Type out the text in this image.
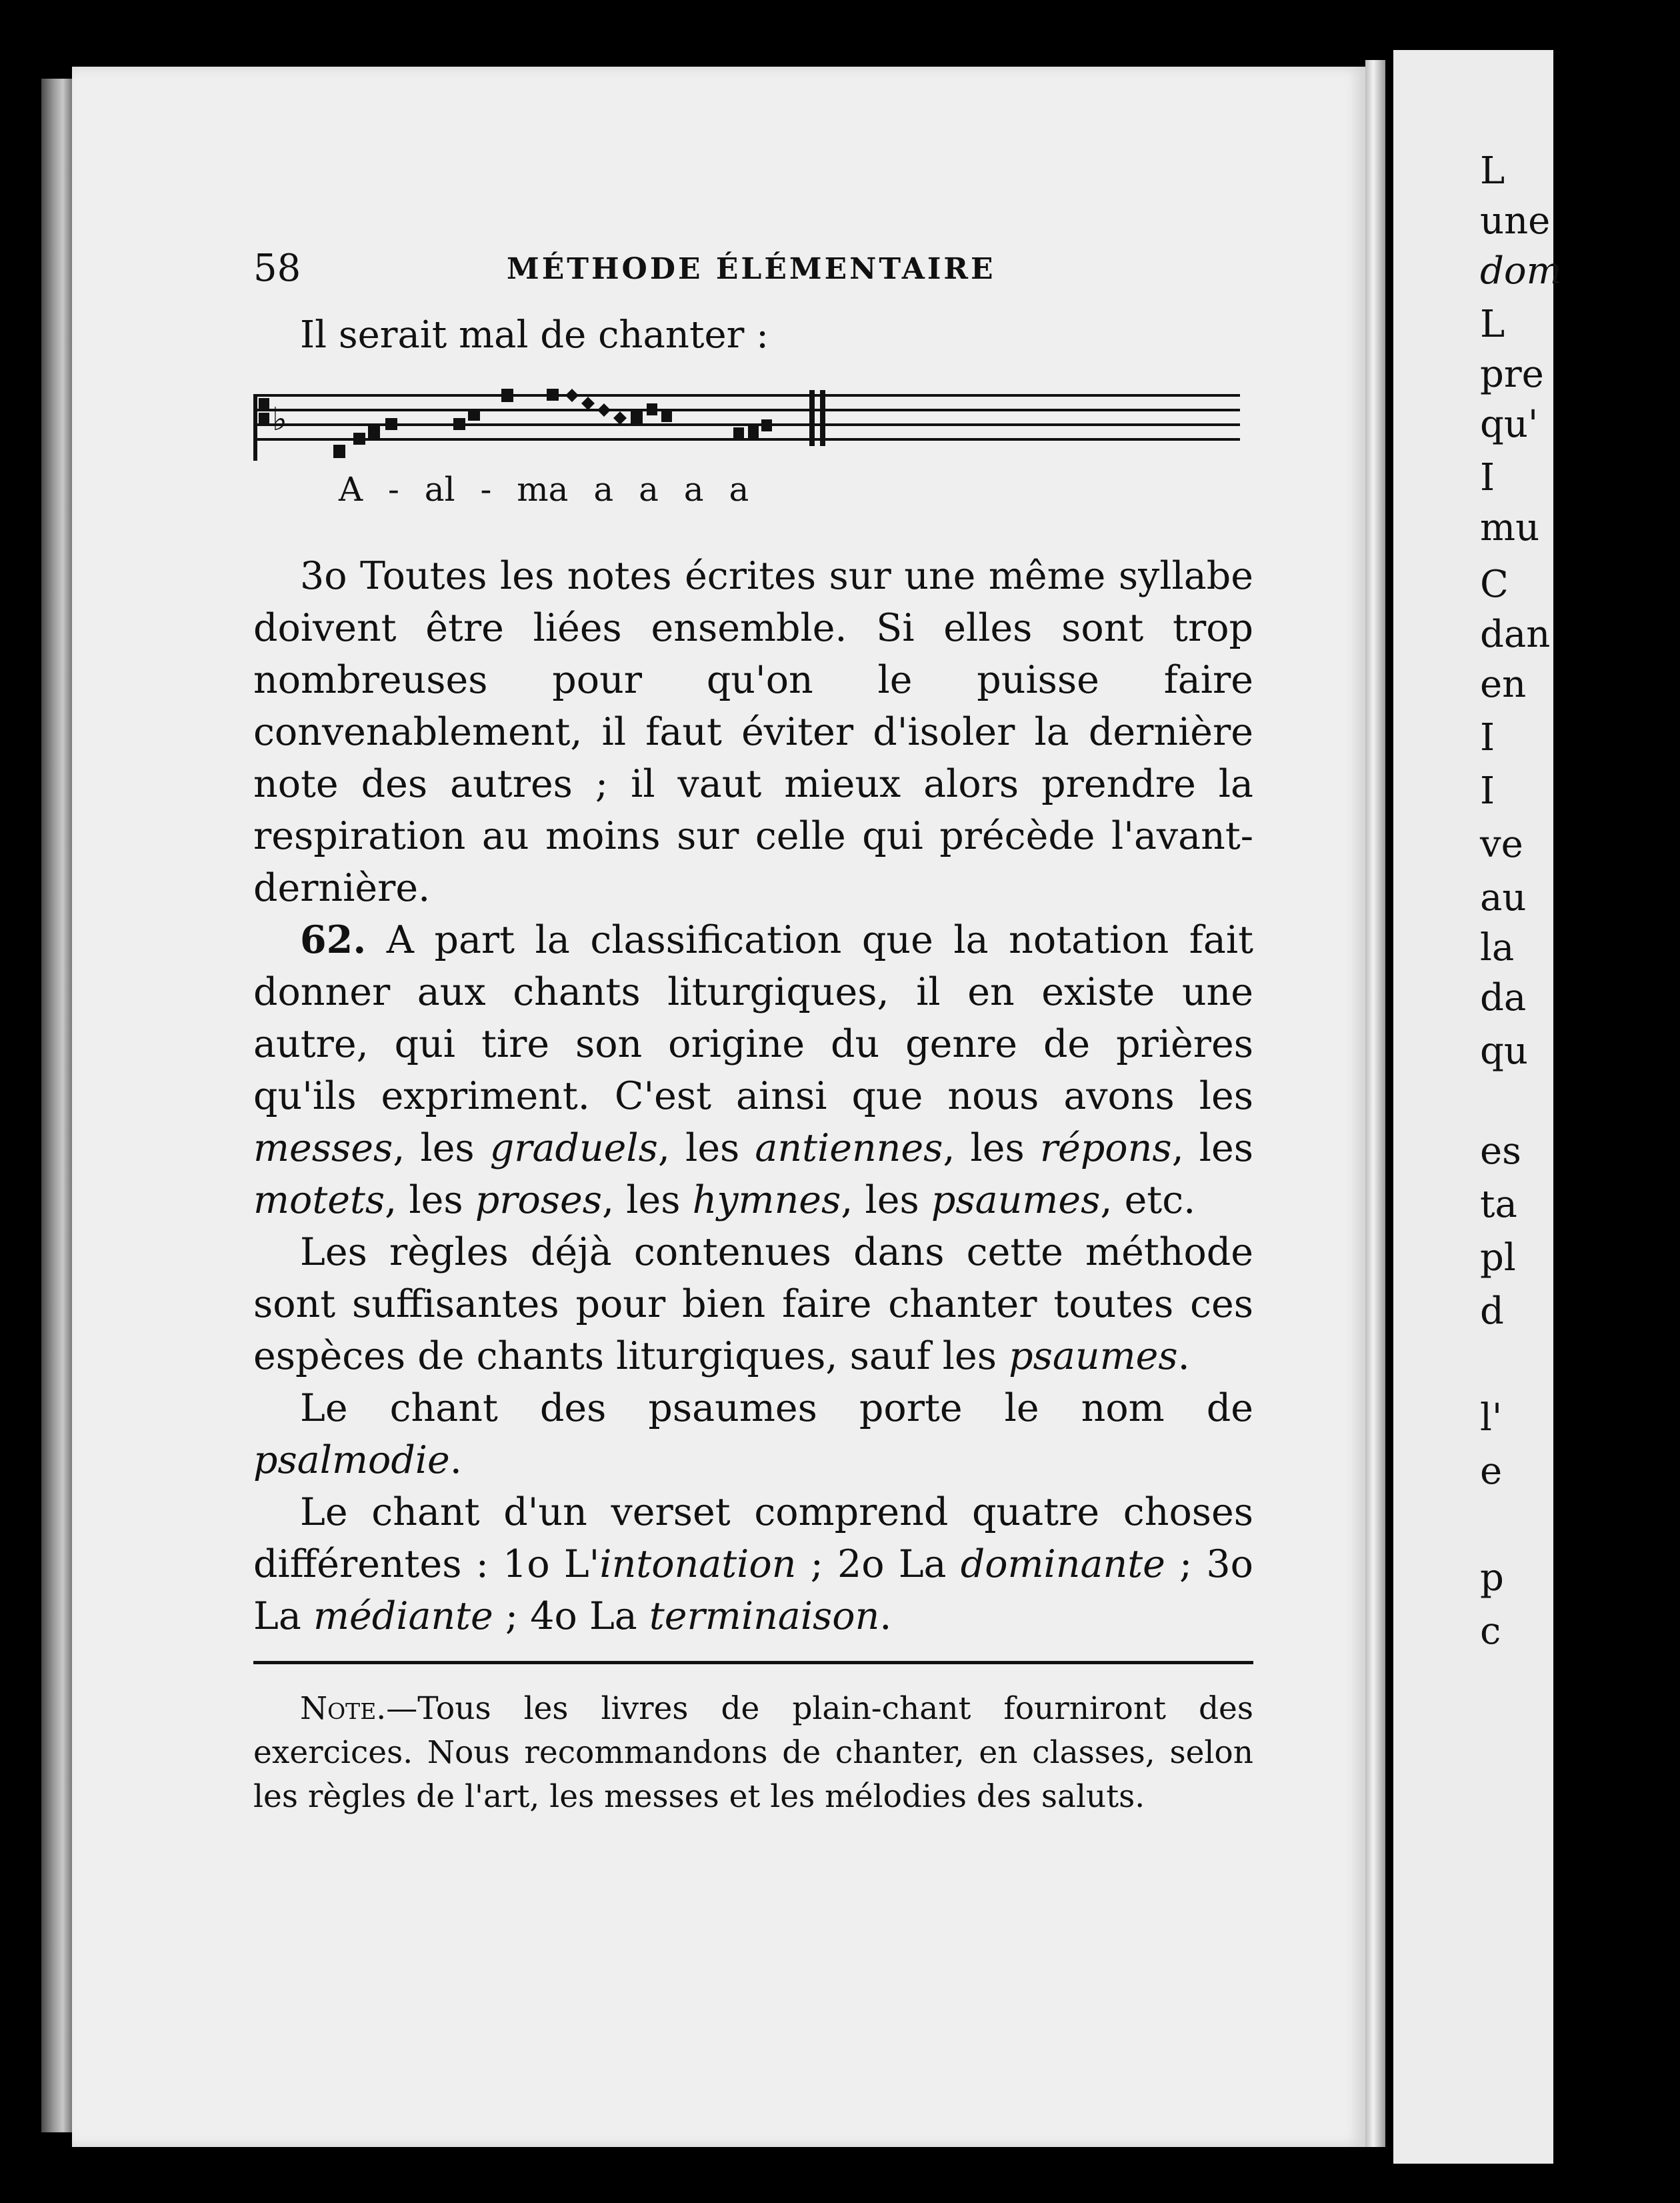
L
une
dom
L
pre
qu'
I
mu
C
dan
en
I
I
ve
au
la
da
qu
es
ta
pl
d
l'
e
p
c
58	MÉTHODE ÉLÉMENTAIRE
Il serait mal de chanter :
♭
A - al - ma a a a a

3o Toutes les notes écrites sur une même syllabe doivent être liées ensemble. Si elles sont trop nombreuses pour qu'on le puisse faire convenablement, il faut éviter d'isoler la dernière note des autres ; il vaut mieux alors prendre la respiration au moins sur celle qui précède l'avant-dernière.

62. A part la classification que la notation fait donner aux chants liturgiques, il en existe une autre, qui tire son origine du genre de prières qu'ils expriment. C'est ainsi que nous avons les messes, les graduels, les antiennes, les répons, les motets, les proses, les hymnes, les psaumes, etc.

Les règles déjà contenues dans cette méthode sont suffisantes pour bien faire chanter toutes ces espèces de chants liturgiques, sauf les psaumes.

Le chant des psaumes porte le nom de psalmodie.

Le chant d'un verset comprend quatre choses différentes : 1o L'intonation ; 2o La dominante ; 3o La médiante ; 4o La terminaison.

Note.—Tous les livres de plain-chant fourniront des exercices. Nous recommandons de chanter, en classes, selon les règles de l'art, les messes et les mélodies des saluts.
